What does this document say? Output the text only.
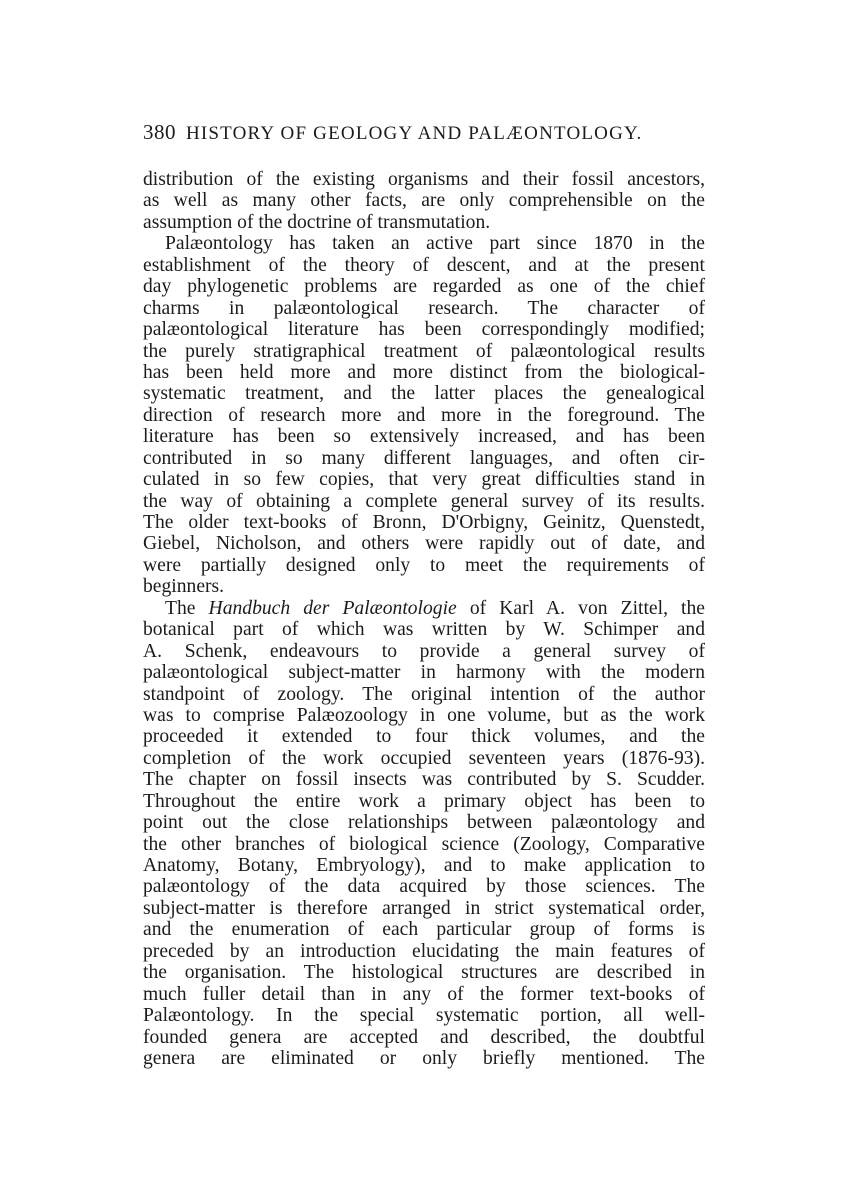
380 HISTORY OF GEOLOGY AND PALÆONTOLOGY.
distribution of the existing organisms and their fossil ancestors,
as well as many other facts, are only comprehensible on the
assumption of the doctrine of transmutation.
Palæontology has taken an active part since 1870 in the
establishment of the theory of descent, and at the present
day phylogenetic problems are regarded as one of the chief
charms in palæontological research. The character of
palæontological literature has been correspondingly modified;
the purely stratigraphical treatment of palæontological results
has been held more and more distinct from the biological-
systematic treatment, and the latter places the genealogical
direction of research more and more in the foreground. The
literature has been so extensively increased, and has been
contributed in so many different languages, and often cir-
culated in so few copies, that very great difficulties stand in
the way of obtaining a complete general survey of its results.
The older text-books of Bronn, D'Orbigny, Geinitz, Quenstedt,
Giebel, Nicholson, and others were rapidly out of date, and
were partially designed only to meet the requirements of
beginners.
The Handbuch der Palæontologie of Karl A. von Zittel, the
botanical part of which was written by W. Schimper and
A. Schenk, endeavours to provide a general survey of
palæontological subject-matter in harmony with the modern
standpoint of zoology. The original intention of the author
was to comprise Palæozoology in one volume, but as the work
proceeded it extended to four thick volumes, and the
completion of the work occupied seventeen years (1876-93).
The chapter on fossil insects was contributed by S. Scudder.
Throughout the entire work a primary object has been to
point out the close relationships between palæontology and
the other branches of biological science (Zoology, Comparative
Anatomy, Botany, Embryology), and to make application to
palæontology of the data acquired by those sciences. The
subject-matter is therefore arranged in strict systematical order,
and the enumeration of each particular group of forms is
preceded by an introduction elucidating the main features of
the organisation. The histological structures are described in
much fuller detail than in any of the former text-books of
Palæontology. In the special systematic portion, all well-
founded genera are accepted and described, the doubtful
genera are eliminated or only briefly mentioned. The
